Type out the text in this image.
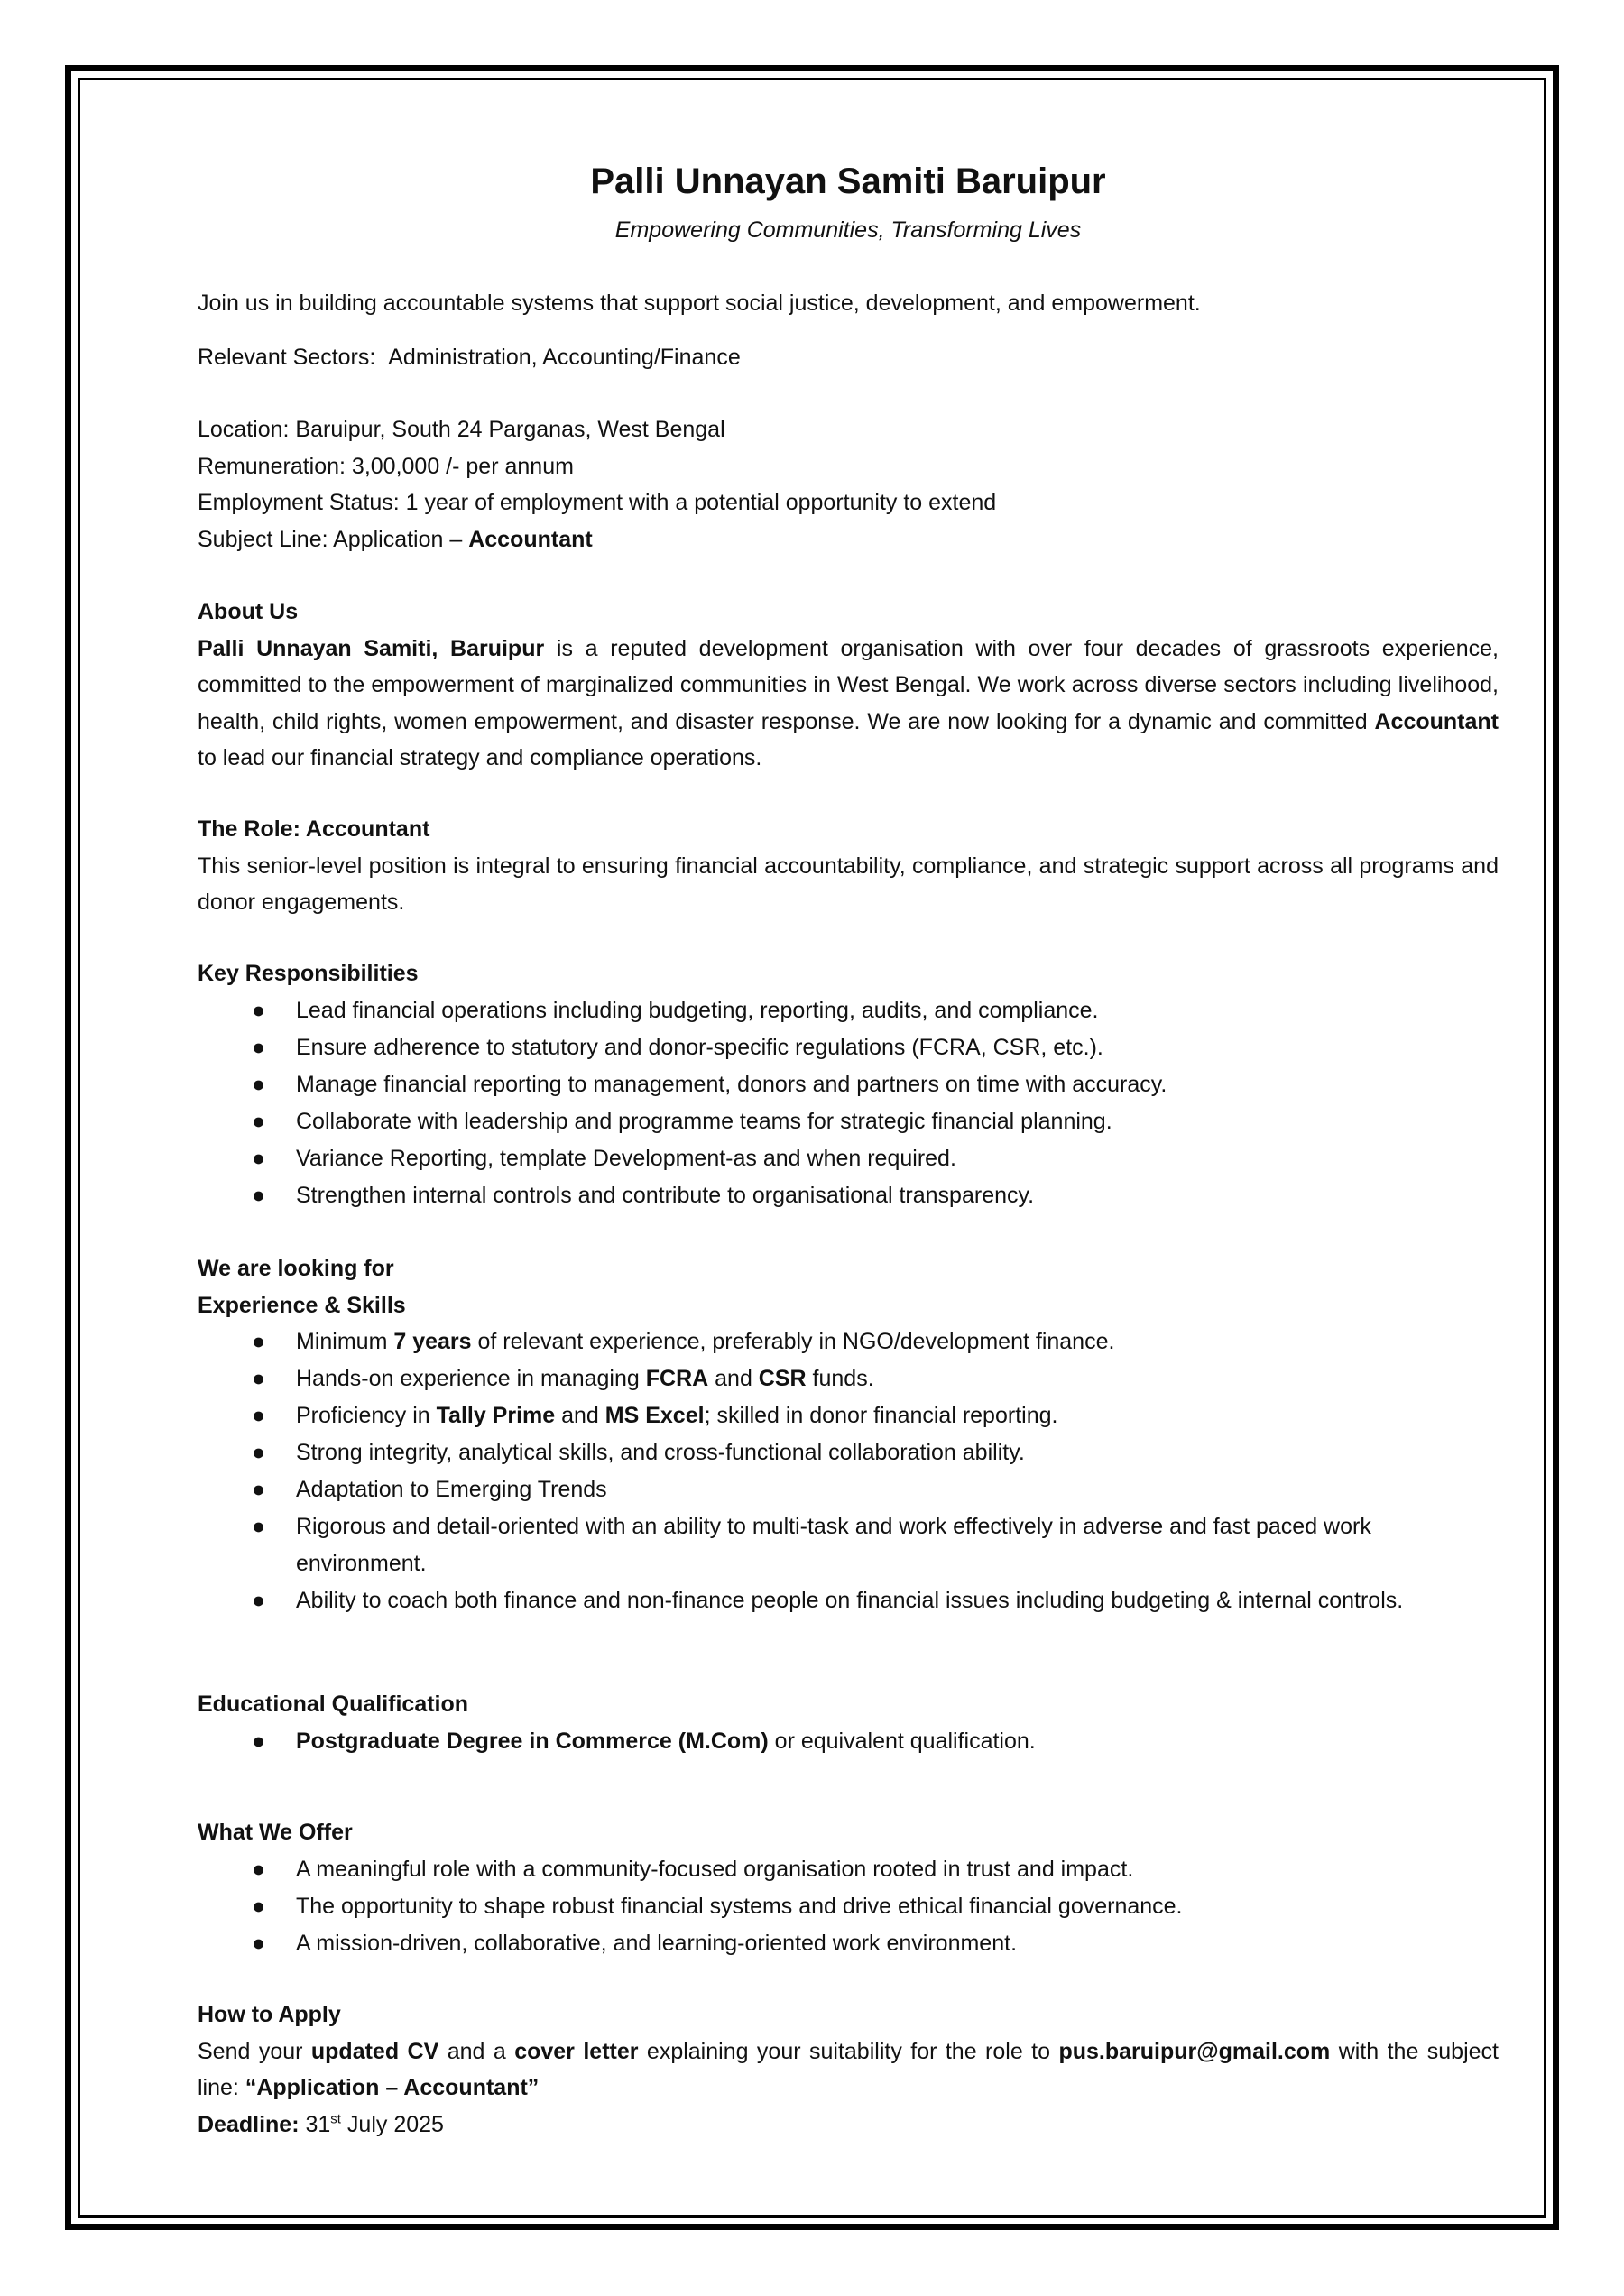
Palli Unnayan Samiti Baruipur
Empowering Communities, Transforming Lives

Join us in building accountable systems that support social justice, development, and empowerment.

Relevant Sectors: Administration, Accounting/Finance

Location: Baruipur, South 24 Parganas, West Bengal

Remuneration: 3,00,000 /- per annum

Employment Status: 1 year of employment with a potential opportunity to extend

Subject Line: Application – Accountant

About Us

Palli Unnayan Samiti, Baruipur is a reputed development organisation with over four decades of grassroots experience, committed to the empowerment of marginalized communities in West Bengal. We work across diverse sectors including livelihood, health, child rights, women empowerment, and disaster response. We are now looking for a dynamic and committed Accountant to lead our financial strategy and compliance operations.

The Role: Accountant

This senior-level position is integral to ensuring financial accountability, compliance, and strategic support across all programs and donor engagements.

Key Responsibilities
● Lead financial operations including budgeting, reporting, audits, and compliance.
● Ensure adherence to statutory and donor-specific regulations (FCRA, CSR, etc.).
● Manage financial reporting to management, donors and partners on time with accuracy.
● Collaborate with leadership and programme teams for strategic financial planning.
● Variance Reporting, template Development-as and when required.
● Strengthen internal controls and contribute to organisational transparency.
We are looking for
Experience & Skills
● Minimum 7 years of relevant experience, preferably in NGO/development finance.
● Hands-on experience in managing FCRA and CSR funds.
● Proficiency in Tally Prime and MS Excel; skilled in donor financial reporting.
● Strong integrity, analytical skills, and cross-functional collaboration ability.
● Adaptation to Emerging Trends
● Rigorous and detail-oriented with an ability to multi-task and work effectively in adverse and fast paced work environment.
● Ability to coach both finance and non-finance people on financial issues including budgeting & internal controls.
Educational Qualification
● Postgraduate Degree in Commerce (M.Com) or equivalent qualification.
What We Offer
● A meaningful role with a community-focused organisation rooted in trust and impact.
● The opportunity to shape robust financial systems and drive ethical financial governance.
● A mission-driven, collaborative, and learning-oriented work environment.
How to Apply

Send your updated CV and a cover letter explaining your suitability for the role to pus.baruipur@gmail.com with the subject line: “Application – Accountant”

Deadline: 31st July 2025
